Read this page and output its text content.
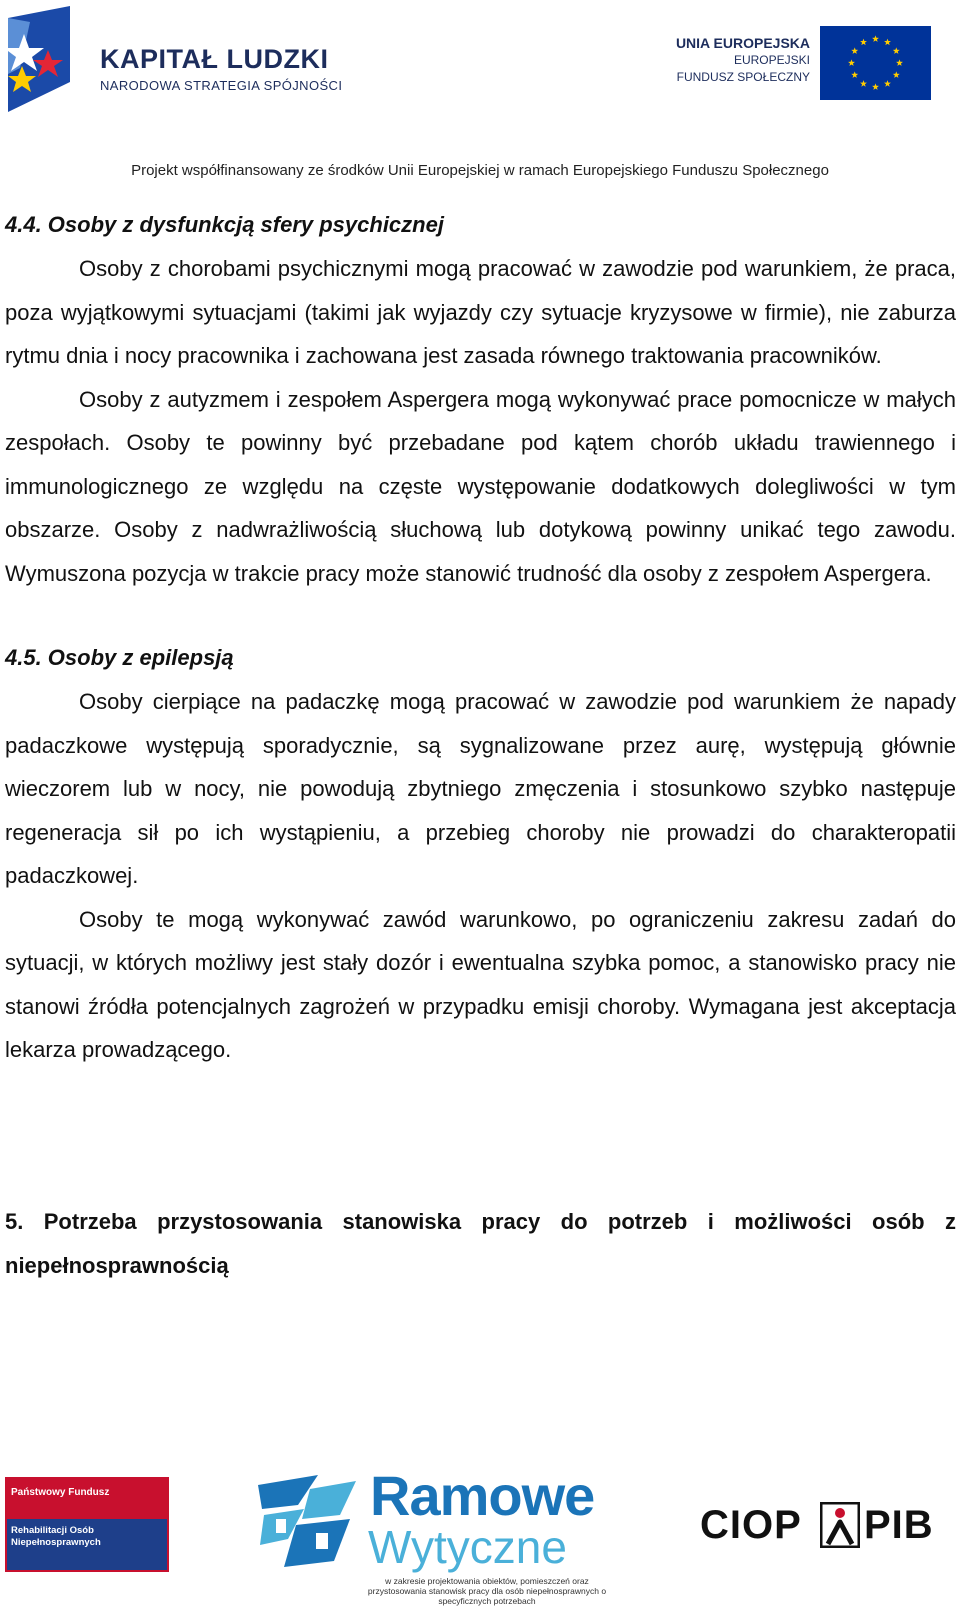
KAPITAŁ LUDZKI
NARODOWA STRATEGIA SPÓJNOŚCI
UNIA EUROPEJSKA
EUROPEJSKI
FUNDUSZ SPOŁECZNY
Projekt współfinansowany ze środków Unii Europejskiej w ramach Europejskiego Funduszu Społecznego

4.4. Osoby z dysfunkcją sfery psychicznej

Osoby z chorobami psychicznymi mogą pracować w zawodzie pod warunkiem, że praca, poza wyjątkowymi sytuacjami (takimi jak wyjazdy czy sytuacje kryzysowe w firmie), nie zaburza rytmu dnia i nocy pracownika i zachowana jest zasada równego traktowania pracowników.

Osoby z autyzmem i zespołem Aspergera mogą wykonywać prace pomocnicze w małych zespołach. Osoby te powinny być przebadane pod kątem chorób układu trawiennego i immunologicznego ze względu na częste występowanie dodatkowych dolegliwości w tym obszarze. Osoby z nadwrażliwością słuchową lub dotykową powinny unikać tego zawodu. Wymuszona pozycja w trakcie pracy może stanowić trudność dla osoby z zespołem Aspergera.

4.5. Osoby z epilepsją

Osoby cierpiące na padaczkę mogą pracować w zawodzie pod warunkiem że napady padaczkowe występują sporadycznie, są sygnalizowane przez aurę, występują głównie wieczorem lub w nocy, nie powodują zbytniego zmęczenia i stosunkowo szybko następuje regeneracja sił po ich wystąpieniu, a przebieg choroby nie prowadzi do charakteropatii padaczkowej.

Osoby te mogą wykonywać zawód warunkowo, po ograniczeniu zakresu zadań do sytuacji, w których możliwy jest stały dozór i ewentualna szybka pomoc, a stanowisko pracy nie stanowi źródła potencjalnych zagrożeń w przypadku emisji choroby. Wymagana jest akceptacja lekarza prowadzącego.

5. Potrzeba przystosowania stanowiska pracy do potrzeb i możliwości osób z niepełnosprawnością

Państwowy Fundusz
Rehabilitacji Osób Niepełnosprawnych
Ramowe
Wytyczne
w zakresie projektowania obiektów, pomieszczeń oraz przystosowania stanowisk pracy dla osób niepełnosprawnych o specyficznych potrzebach
CIOP PIB
